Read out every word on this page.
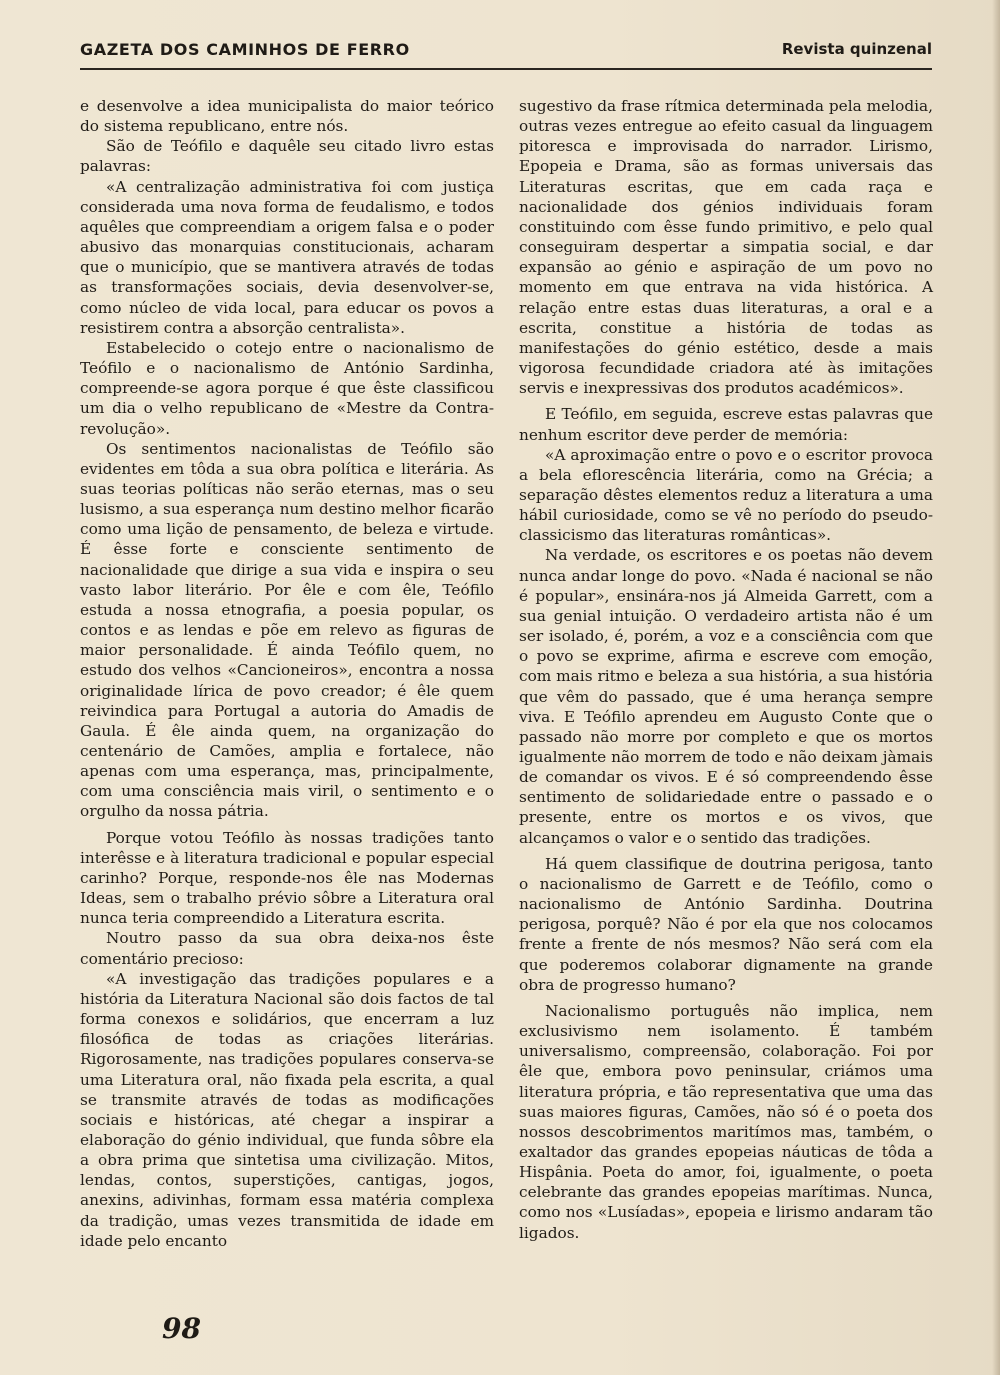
GAZETA DOS CAMINHOS DE FERRO	Revista quinzenal

e desenvolve a idea municipalista do maior teórico do sistema republicano, entre nós.

São de Teófilo e daquêle seu citado livro estas palavras:

«A centralização administrativa foi com justiça considerada uma nova forma de feudalismo, e todos aquêles que compreendiam a origem falsa e o poder abusivo das monarquias constitucionais, acharam que o município, que se mantivera através de todas as transformações sociais, devia desenvolver-se, como núcleo de vida local, para educar os povos a resistirem contra a absorção centralista».

Estabelecido o cotejo entre o nacionalismo de Teófilo e o nacionalismo de António Sardinha, compreende-se agora porque é que êste classificou um dia o velho republicano de «Mestre da Contra-revolução».

Os sentimentos nacionalistas de Teófilo são evidentes em tôda a sua obra política e literária. As suas teorias políticas não serão eternas, mas o seu lusismo, a sua esperança num destino melhor ficarão como uma lição de pensamento, de beleza e virtude. É êsse forte e consciente sentimento de nacionalidade que dirige a sua vida e inspira o seu vasto labor literário. Por êle e com êle, Teófilo estuda a nossa etnografia, a poesia popular, os contos e as lendas e põe em relevo as figuras de maior personalidade. É ainda Teófilo quem, no estudo dos velhos «Cancioneiros», encontra a nossa originalidade lírica de povo creador; é êle quem reivindica para Portugal a autoria do Amadis de Gaula. É êle ainda quem, na organização do centenário de Camões, amplia e fortalece, não apenas com uma esperança, mas, principalmente, com uma consciência mais viril, o sentimento e o orgulho da nossa pátria.

Porque votou Teófilo às nossas tradições tanto interêsse e à literatura tradicional e popular especial carinho? Porque, responde-nos êle nas Modernas Ideas, sem o trabalho prévio sôbre a Literatura oral nunca teria compreendido a Literatura escrita.

Noutro passo da sua obra deixa-nos êste comentário precioso:

«A investigação das tradições populares e a história da Literatura Nacional são dois factos de tal forma conexos e solidários, que encerram a luz filosófica de todas as criações literárias. Rigorosamente, nas tradições populares conserva-se uma Literatura oral, não fixada pela escrita, a qual se transmite através de todas as modificações sociais e históricas, até chegar a inspirar a elaboração do génio individual, que funda sôbre ela a obra prima que sintetisa uma civilização. Mitos, lendas, contos, superstições, cantigas, jogos, anexins, adivinhas, formam essa matéria complexa da tradição, umas vezes transmitida de idade em idade pelo encanto

sugestivo da frase rítmica determinada pela melodia, outras vezes entregue ao efeito casual da linguagem pitoresca e improvisada do narrador. Lirismo, Epopeia e Drama, são as formas universais das Literaturas escritas, que em cada raça e nacionalidade dos génios individuais foram constituindo com êsse fundo primitivo, e pelo qual conseguiram despertar a simpatia social, e dar expansão ao génio e aspiração de um povo no momento em que entrava na vida histórica. A relação entre estas duas literaturas, a oral e a escrita, constitue a história de todas as manifestações do génio estético, desde a mais vigorosa fecundidade criadora até às imitações servis e inexpressivas dos produtos académicos».

E Teófilo, em seguida, escreve estas palavras que nenhum escritor deve perder de memória:

«A aproximação entre o povo e o escritor provoca a bela eflorescência literária, como na Grécia; a separação dêstes elementos reduz a literatura a uma hábil curiosidade, como se vê no período do pseudo-classicismo das literaturas românticas».

Na verdade, os escritores e os poetas não devem nunca andar longe do povo. «Nada é nacional se não é popular», ensinára-nos já Almeida Garrett, com a sua genial intuição. O verdadeiro artista não é um ser isolado, é, porém, a voz e a consciência com que o povo se exprime, afirma e escreve com emoção, com mais ritmo e beleza a sua história, a sua história que vêm do passado, que é uma herança sempre viva. E Teófilo aprendeu em Augusto Conte que o passado não morre por completo e que os mortos igualmente não morrem de todo e não deixam jàmais de comandar os vivos. E é só compreendendo êsse sentimento de solidariedade entre o passado e o presente, entre os mortos e os vivos, que alcançamos o valor e o sentido das tradições.

Há quem classifique de doutrina perigosa, tanto o nacionalismo de Garrett e de Teófilo, como o nacionalismo de António Sardinha. Doutrina perigosa, porquê? Não é por ela que nos colocamos frente a frente de nós mesmos? Não será com ela que poderemos colaborar dignamente na grande obra de progresso humano?

Nacionalismo português não implica, nem exclusivismo nem isolamento. É também universalismo, compreensão, colaboração. Foi por êle que, embora povo peninsular, criámos uma literatura própria, e tão representativa que uma das suas maiores figuras, Camões, não só é o poeta dos nossos descobrimentos maritímos mas, também, o exaltador das grandes epopeias náuticas de tôda a Hispânia. Poeta do amor, foi, igualmente, o poeta celebrante das grandes epopeias marítimas. Nunca, como nos «Lusíadas», epopeia e lirismo andaram tão ligados.

98
